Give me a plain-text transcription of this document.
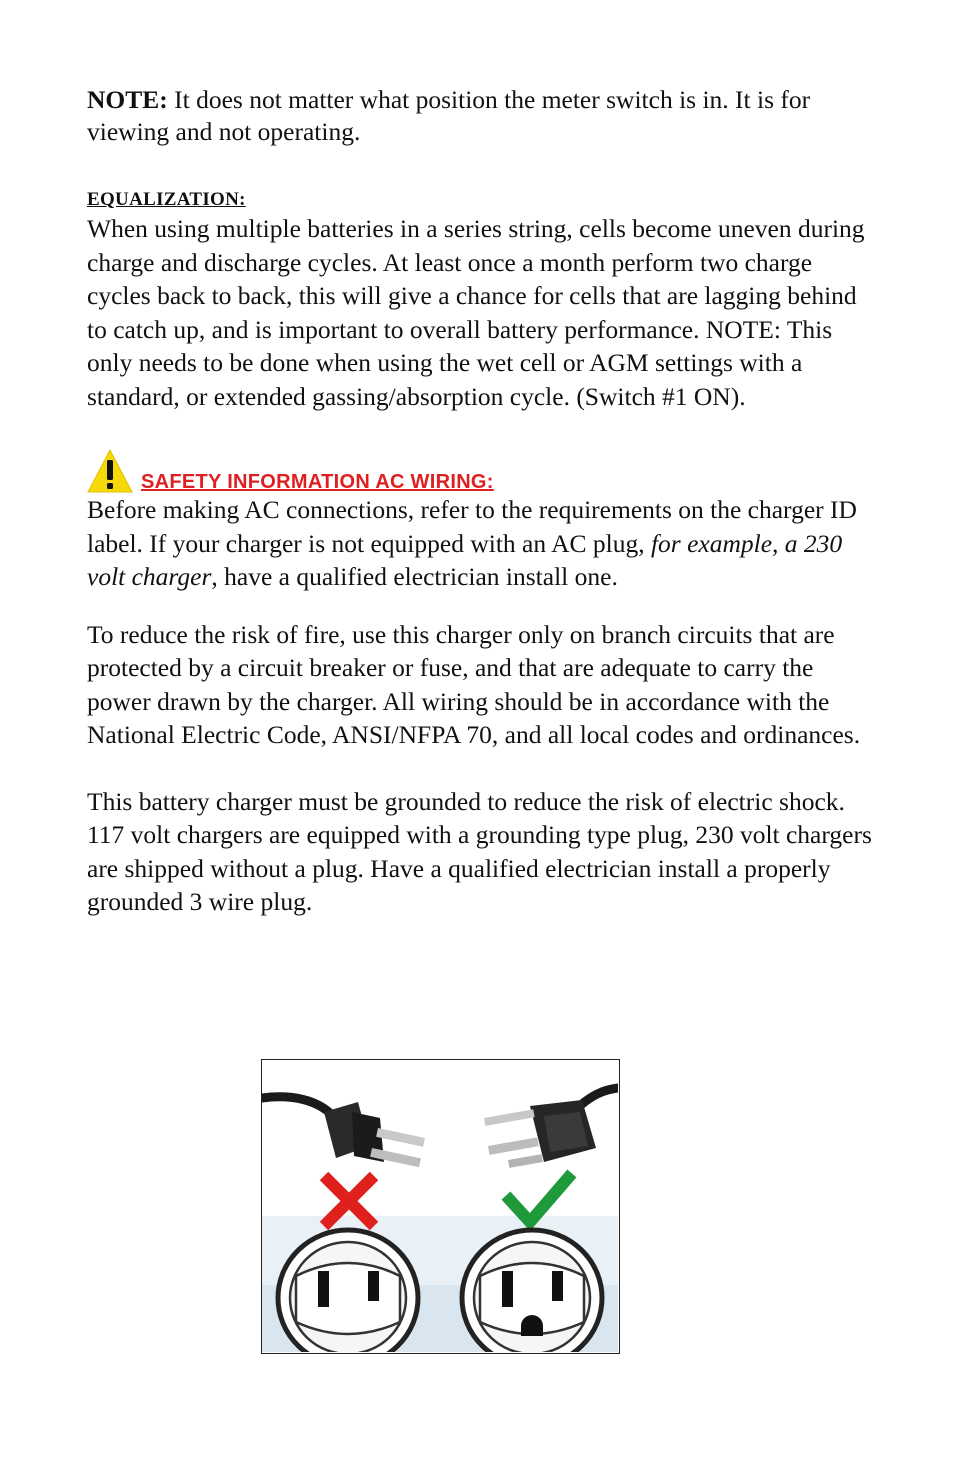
NOTE: It does not matter what position the meter switch is in. It is for viewing and not operating.

EQUALIZATION:

When using multiple batteries in a series string, cells become uneven during charge and discharge cycles. At least once a month perform two charge cycles back to back, this will give a chance for cells that are lagging behind to catch up, and is important to overall battery performance. NOTE: This only needs to be done when using the wet cell or AGM settings with a standard, or extended gassing/absorption cycle. (Switch #1 ON).

SAFETY INFORMATION AC WIRING:

Before making AC connections, refer to the requirements on the charger ID label. If your charger is not equipped with an AC plug, for example, a 230 volt charger, have a qualified electrician install one.

To reduce the risk of fire, use this charger only on branch circuits that are protected by a circuit breaker or fuse, and that are adequate to carry the power drawn by the charger. All wiring should be in accordance with the National Electric Code, ANSI/NFPA 70, and all local codes and ordinances.

This battery charger must be grounded to reduce the risk of electric shock. 117 volt chargers are equipped with a grounding type plug, 230 volt chargers are shipped without a plug. Have a qualified electrician install a properly grounded 3 wire plug.
